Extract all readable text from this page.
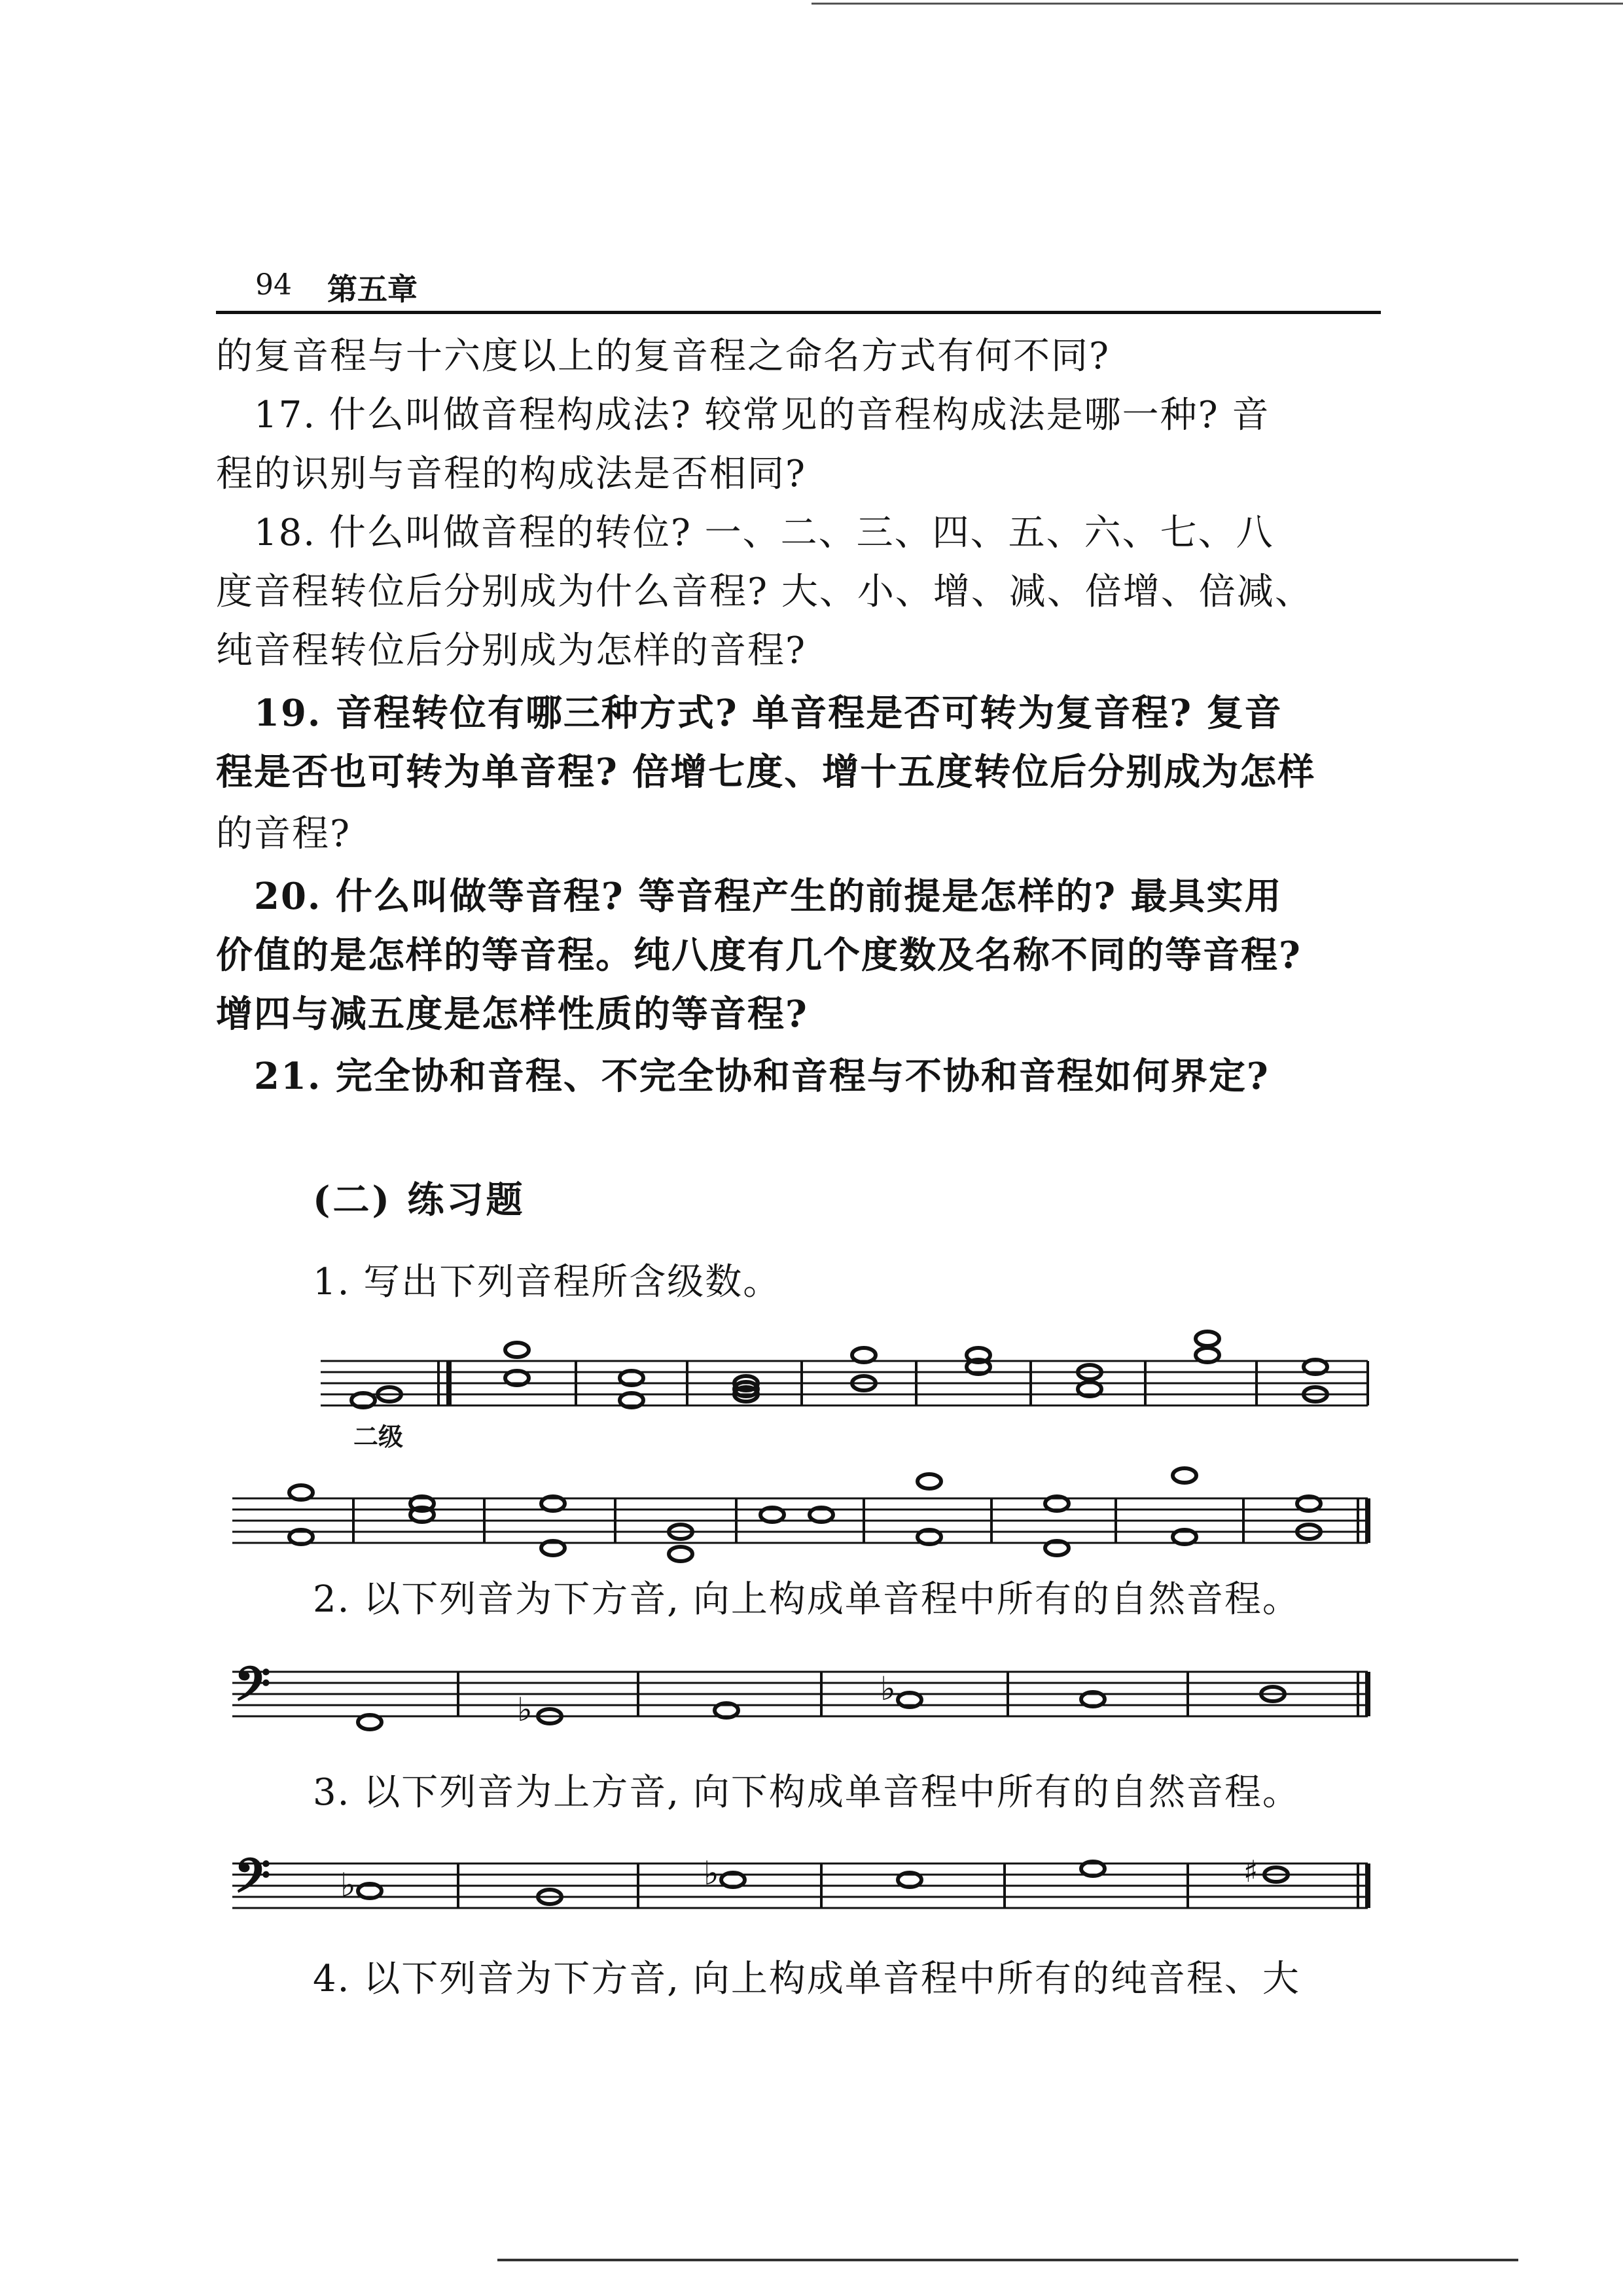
94 第五章
的复音程与十六度以上的复音程之命名方式有何不同?
17. 什么叫做音程构成法? 较常见的音程构成法是哪一种? 音
程的识别与音程的构成法是否相同?
18. 什么叫做音程的转位? 一、二、三、四、五、六、七、八
度音程转位后分别成为什么音程? 大、小、增、减、倍增、倍减、
纯音程转位后分别成为怎样的音程?
19. 音程转位有哪三种方式? 单音程是否可转为复音程? 复音
程是否也可转为单音程? 倍增七度、增十五度转位后分别成为怎样
的音程?
20. 什么叫做等音程? 等音程产生的前提是怎样的? 最具实用
价值的是怎样的等音程。纯八度有几个度数及名称不同的等音程?
增四与减五度是怎样性质的等音程?
21. 完全协和音程、不完全协和音程与不协和音程如何界定?
(二) 练习题
1. 写出下列音程所含级数。
2. 以下列音为下方音, 向上构成单音程中所有的自然音程。
3. 以下列音为上方音, 向下构成单音程中所有的自然音程。
4. 以下列音为下方音, 向上构成单音程中所有的纯音程、大
二级
𝄢	♭
♭
𝄢 ♭	♭	♯
